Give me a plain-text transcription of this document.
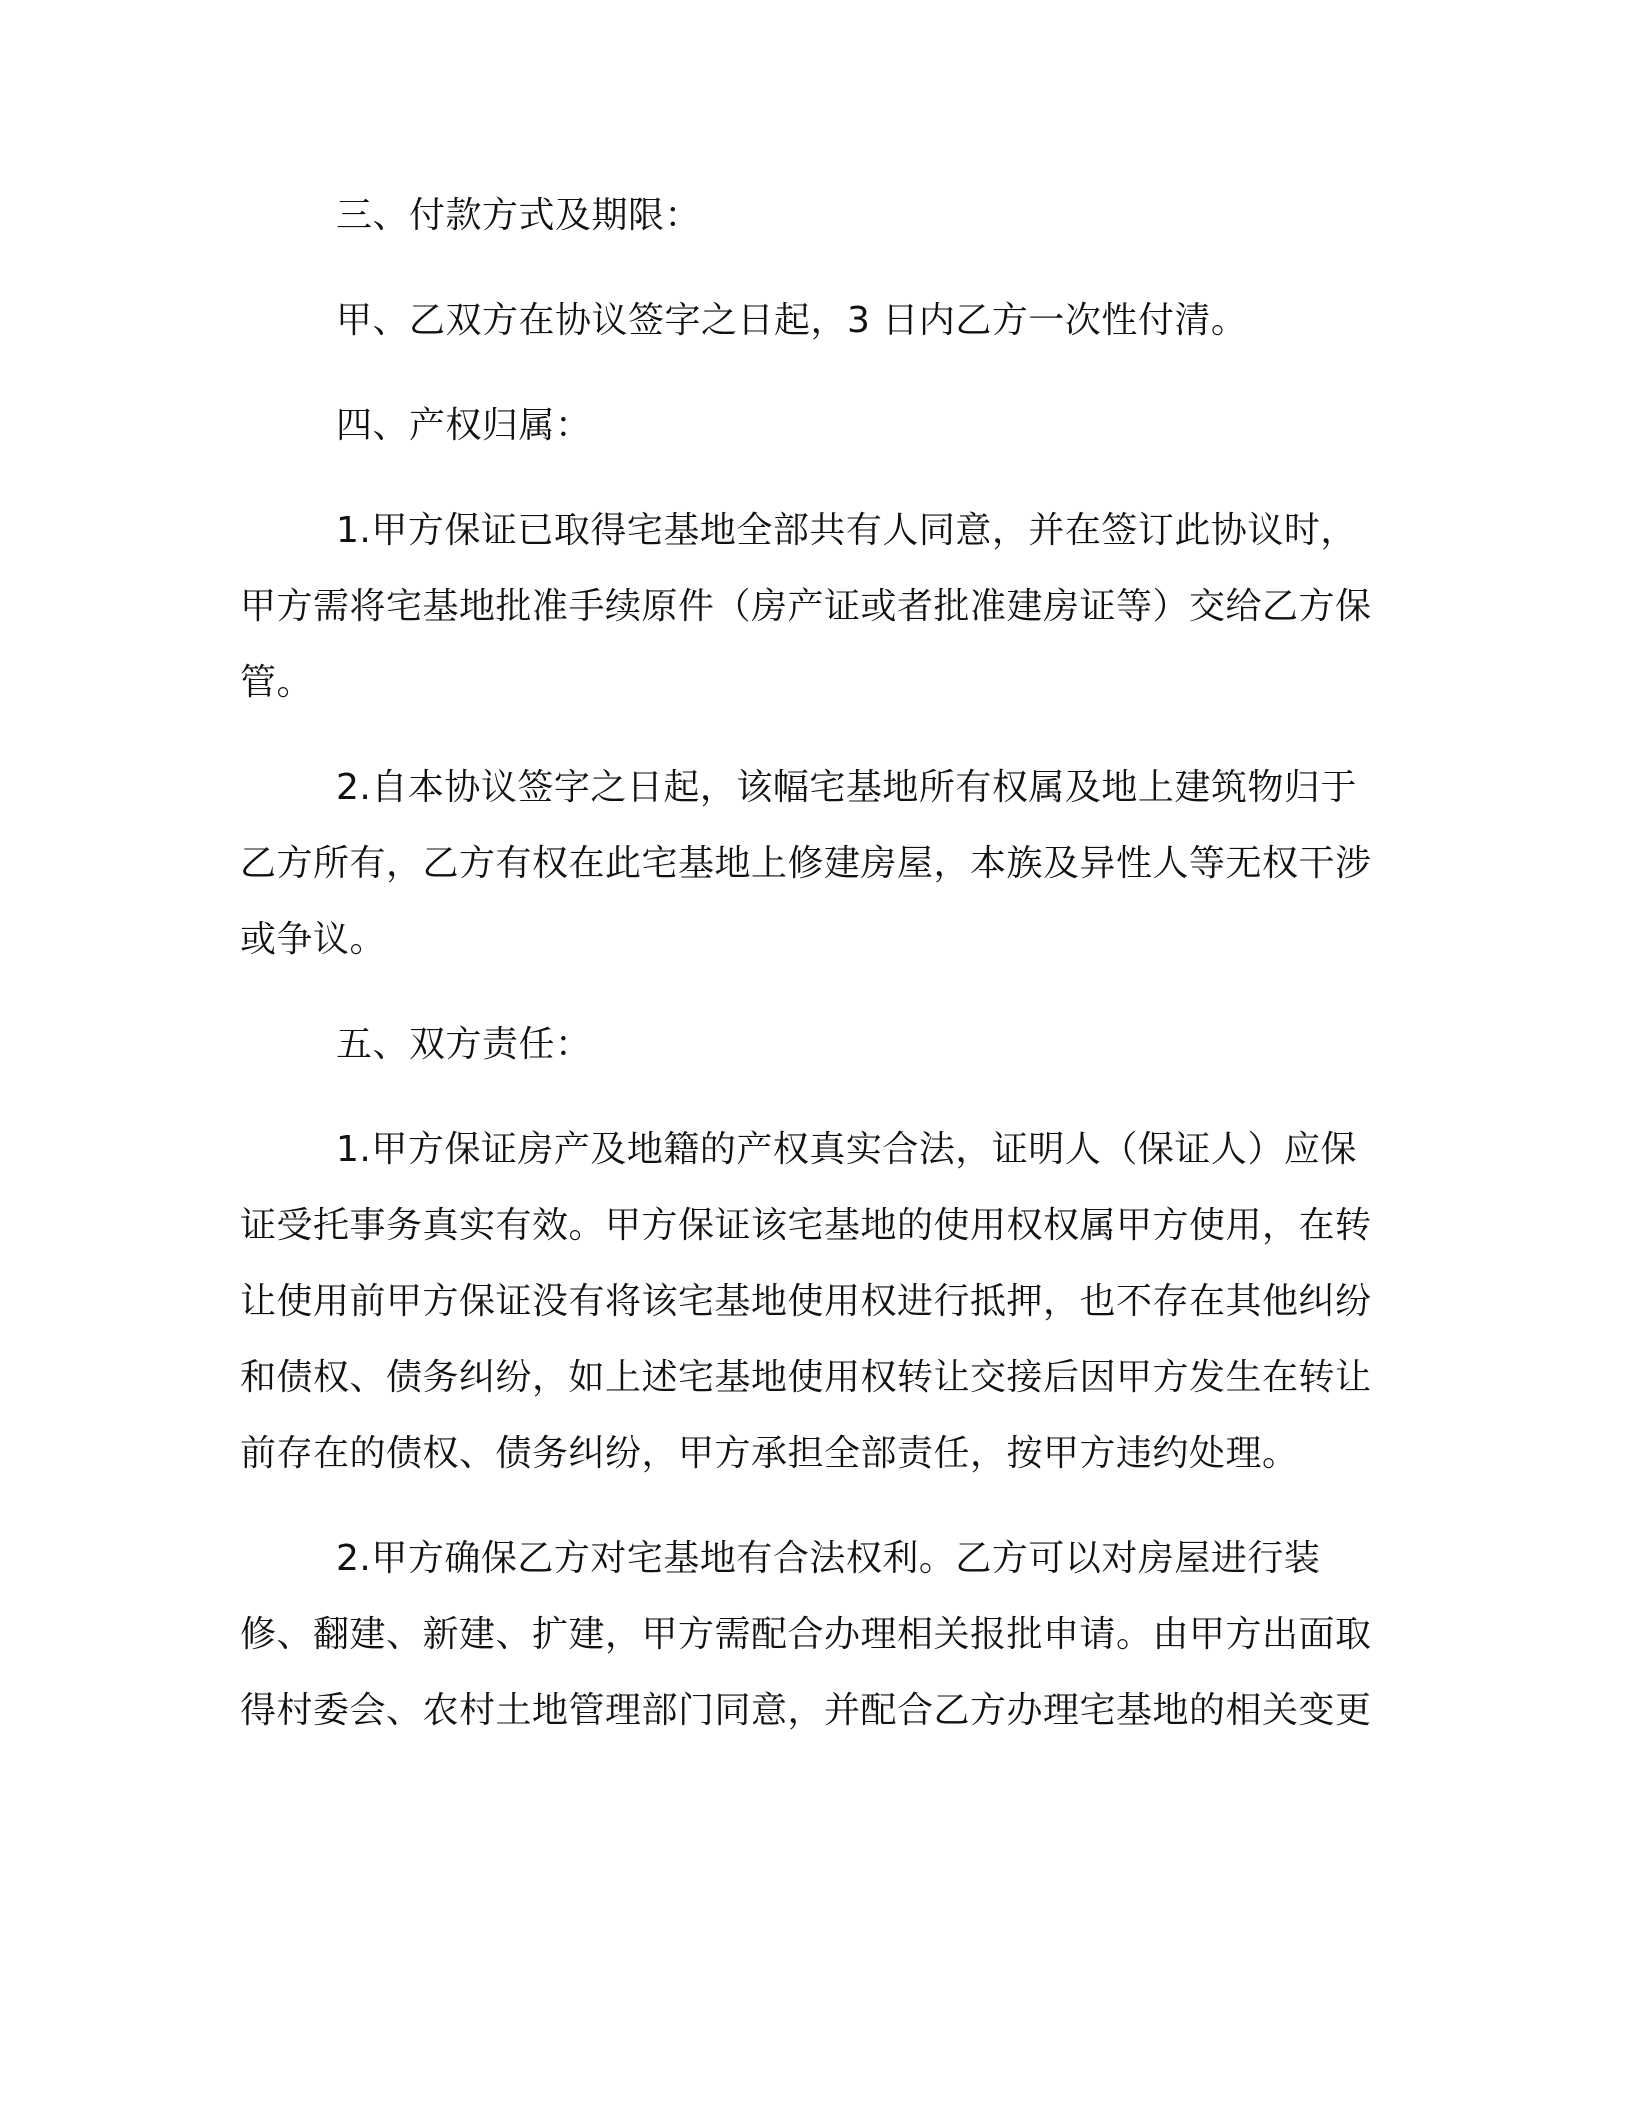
三、付款方式及期限：

甲、乙双方在协议签字之日起，3 日内乙方一次性付清。

四、产权归属：

1.甲方保证已取得宅基地全部共有人同意，并在签订此协议时，甲方需将宅基地批准手续原件（房产证或者批准建房证等）交给乙方保管。

2.自本协议签字之日起，该幅宅基地所有权属及地上建筑物归于乙方所有，乙方有权在此宅基地上修建房屋，本族及异性人等无权干涉或争议。

五、双方责任：

1.甲方保证房产及地籍的产权真实合法，证明人（保证人）应保证受托事务真实有效。甲方保证该宅基地的使用权权属甲方使用，在转让使用前甲方保证没有将该宅基地使用权进行抵押，也不存在其他纠纷和债权、债务纠纷，如上述宅基地使用权转让交接后因甲方发生在转让前存在的债权、债务纠纷，甲方承担全部责任，按甲方违约处理。

2.甲方确保乙方对宅基地有合法权利。乙方可以对房屋进行装修、翻建、新建、扩建，甲方需配合办理相关报批申请。由甲方出面取得村委会、农村土地管理部门同意，并配合乙方办理宅基地的相关变更
